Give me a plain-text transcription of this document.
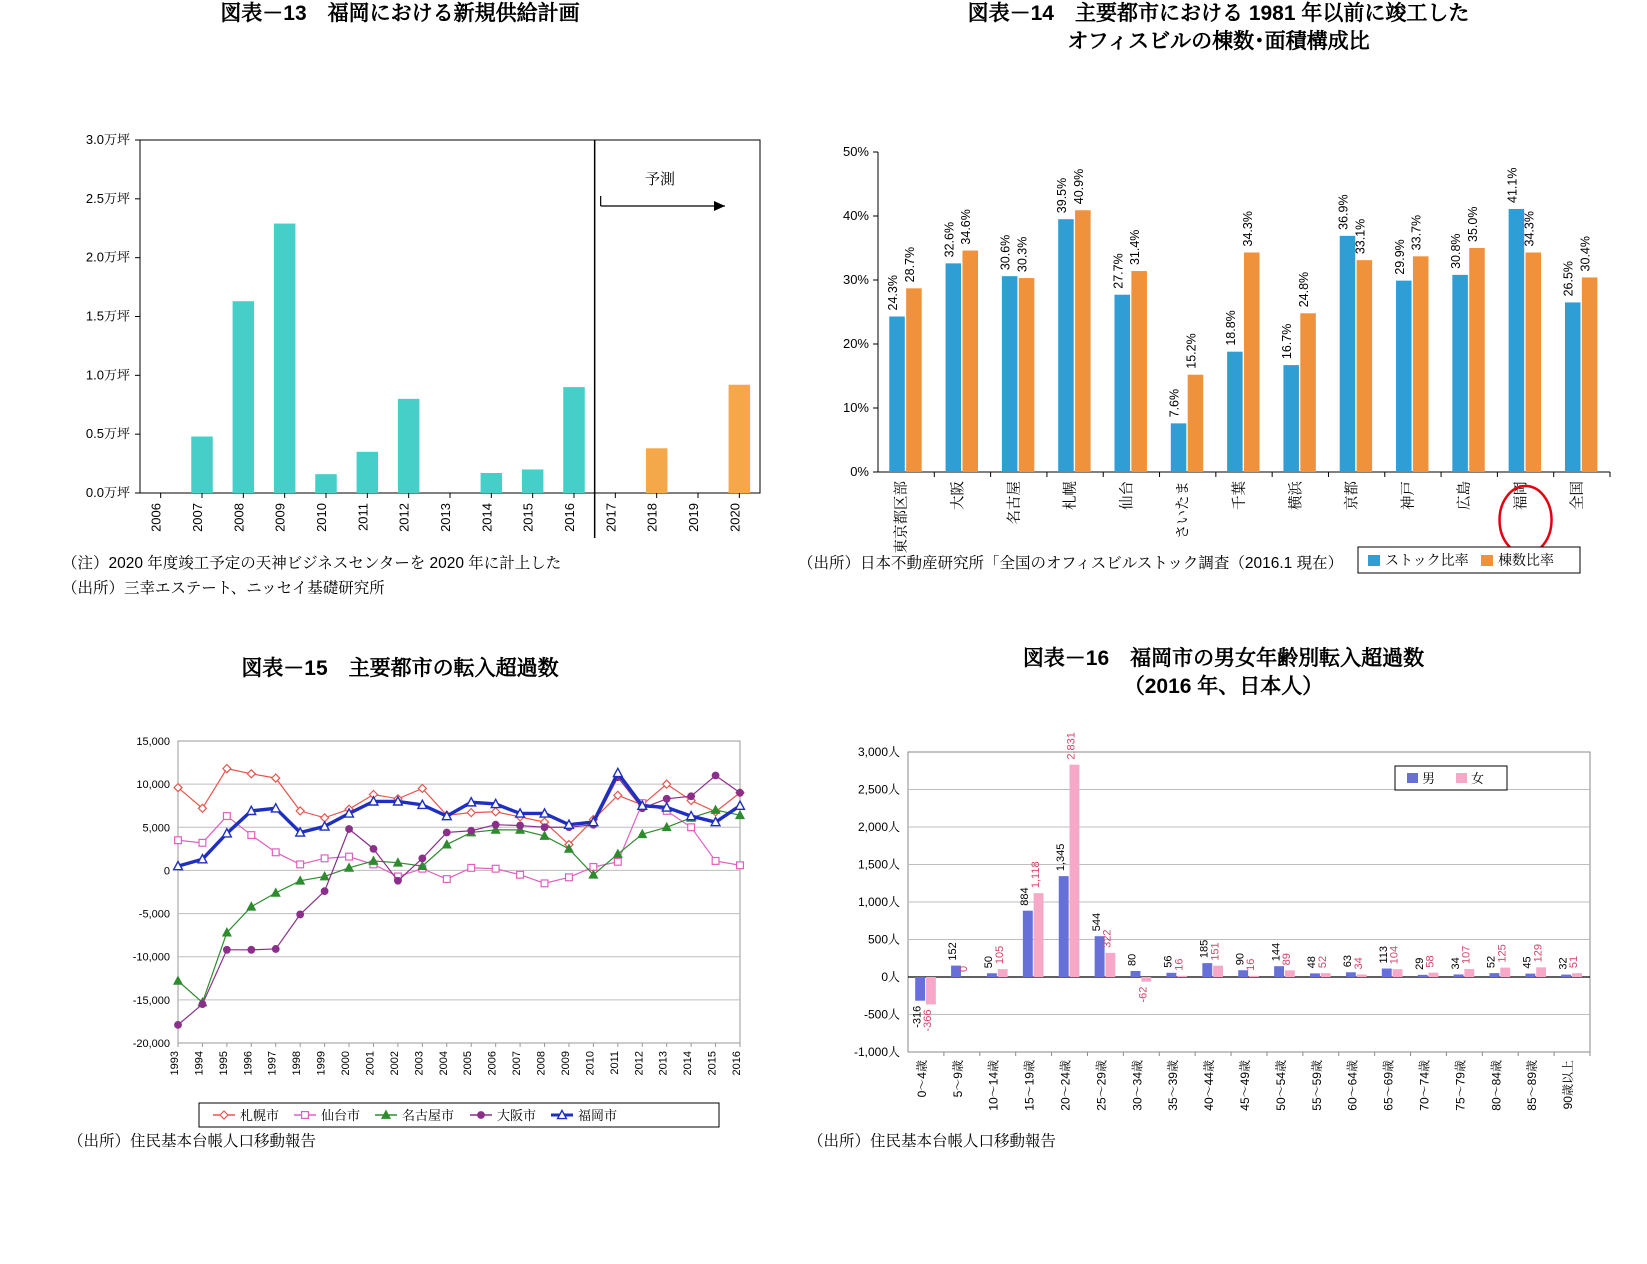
図表－13　福岡における新規供給計画
0.0万坪
0.5万坪
1.0万坪
1.5万坪
2.0万坪
2.5万坪
3.0万坪
2006 2007 2008 2009 2010 2011 2012 2013 2014 2015 2016 2017 2018 2019 2020
予測
（注）2020 年度竣工予定の天神ビジネスセンターを 2020 年に計上した
（出所）三幸エステート、ニッセイ基礎研究所
図表－14　主要都市における 1981 年以前に竣工した
オフィスビルの棟数･面積構成比
0%
10%
20%
30%
40%
50%
24.3%
28.7%
東京都区部
32.6% 34.6%
大阪
30.6% 30.3%
名古屋
39.5% 40.9%
札幌
27.7%
31.4%
仙台
7.6%
15.2%
さいたま
18.8%
34.3%
千葉
16.7%
24.8%
横浜
36.9%
33.1%
京都
29.9%
33.7%
神戸
30.8%
35.0%
広島
41.1%
34.3%
福岡
26.5%
30.4%
全国
ストック比率 棟数比率
（出所）日本不動産研究所「全国のオフィスビルストック調査（2016.1 現在）
図表－15　主要都市の転入超過数
-20,000
-15,000
-10,000
-5,000
0
5,000
10,000
15,000
1993 1994 1995 1996 1997 1998 1999 2000 2001 2002 2003 2004 2005 2006 2007 2008 2009 2010 2011 2012 2013 2014 2015 2016
札幌市	仙台市	名古屋市	大阪市	福岡市
（出所）住民基本台帳人口移動報告
図表－16　福岡市の男女年齢別転入超過数
（2016 年、日本人）
-1,000人
-500人
0人
500人
1,000人
1,500人
2,000人
2,500人
3,000人
-316
-366
0～4歳
152
0
5～9歳
50
105
10～14歳
884
1,118
15～19歳
1,345
2,831
20～24歳
544
322
25～29歳
80
-62
30～34歳
56
16
35～39歳
185
151
40～44歳
90
16
45～49歳
144
89
50～54歳
48
52
55～59歳
63
34
60～64歳
113
104
65～69歳
29
58
70～74歳
34
107
75～79歳
52
125
80～84歳
45
129
85～89歳
32
51
90歳以上
男	女
（出所）住民基本台帳人口移動報告
